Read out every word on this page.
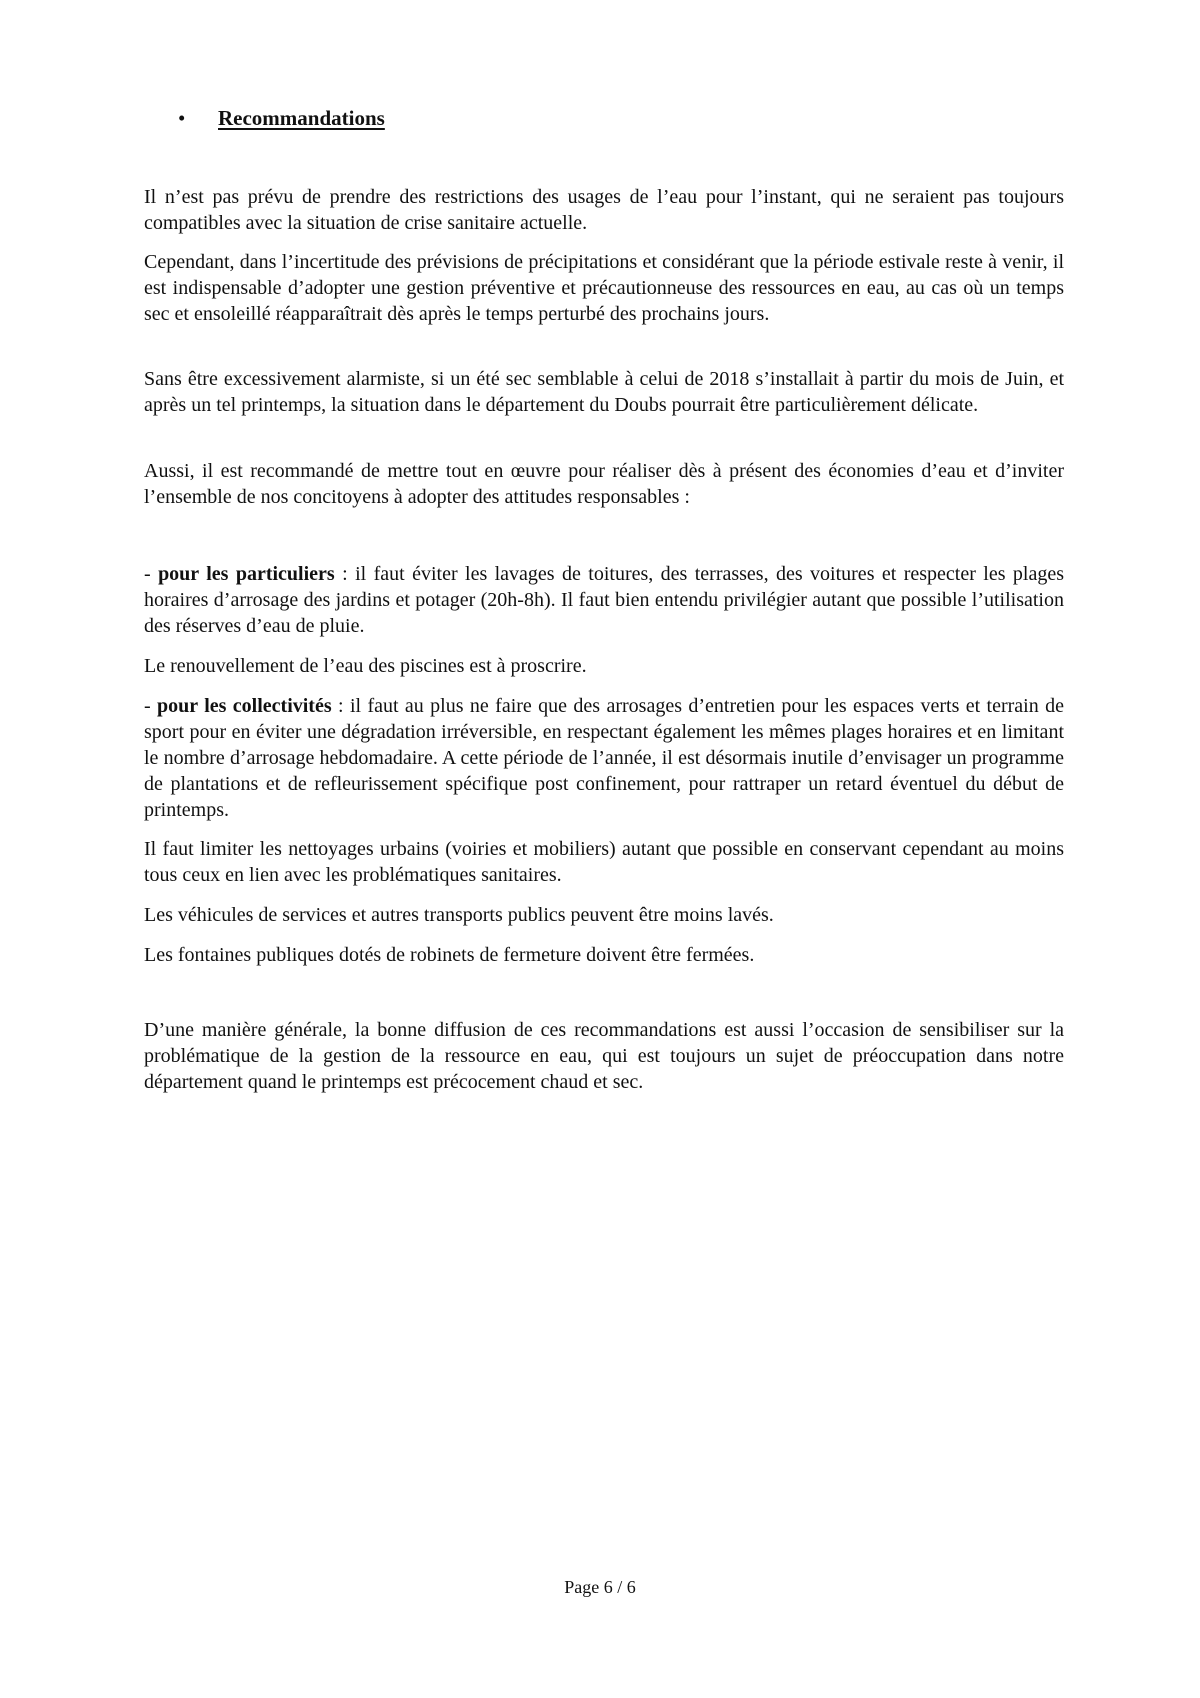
• Recommandations

Il n’est pas prévu de prendre des restrictions des usages de l’eau pour l’instant, qui ne seraient pas toujours compatibles avec la situation de crise sanitaire actuelle.

Cependant, dans l’incertitude des prévisions de précipitations et considérant que la période estivale reste à venir, il est indispensable d’adopter une gestion préventive et précautionneuse des ressources en eau, au cas où un temps sec et ensoleillé réapparaîtrait dès après le temps perturbé des prochains jours.

Sans être excessivement alarmiste, si un été sec semblable à celui de 2018 s’installait à partir du mois de Juin, et après un tel printemps, la situation dans le département du Doubs pourrait être particulièrement délicate.

Aussi, il est recommandé de mettre tout en œuvre pour réaliser dès à présent des économies d’eau et d’inviter l’ensemble de nos concitoyens à adopter des attitudes responsables :

- pour les particuliers : il faut éviter les lavages de toitures, des terrasses, des voitures et respecter les plages horaires d’arrosage des jardins et potager (20h-8h). Il faut bien entendu privilégier autant que possible l’utilisation des réserves d’eau de pluie.

Le renouvellement de l’eau des piscines est à proscrire.

- pour les collectivités : il faut au plus ne faire que des arrosages d’entretien pour les espaces verts et terrain de sport pour en éviter une dégradation irréversible, en respectant également les mêmes plages horaires et en limitant le nombre d’arrosage hebdomadaire. A cette période de l’année, il est désormais inutile d’envisager un programme de plantations et de refleurissement spécifique post confinement, pour rattraper un retard éventuel du début de printemps.

Il faut limiter les nettoyages urbains (voiries et mobiliers) autant que possible en conservant cependant au moins tous ceux en lien avec les problématiques sanitaires.

Les véhicules de services et autres transports publics peuvent être moins lavés.

Les fontaines publiques dotés de robinets de fermeture doivent être fermées.

D’une manière générale, la bonne diffusion de ces recommandations est aussi l’occasion de sensibiliser sur la problématique de la gestion de la ressource en eau, qui est toujours un sujet de préoccupation dans notre département quand le printemps est précocement chaud et sec.

Page 6 / 6
